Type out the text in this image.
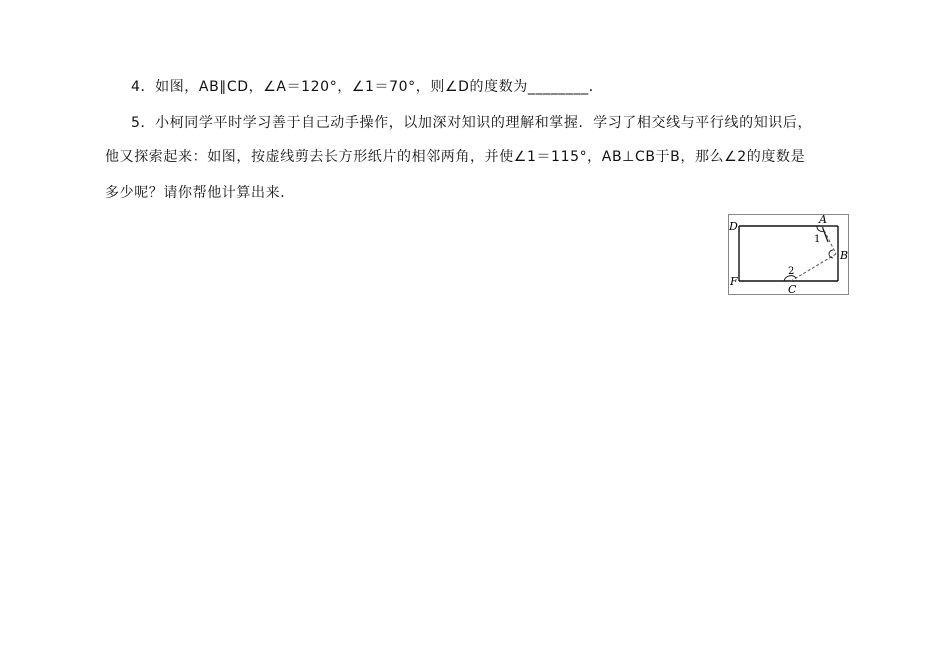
4．如图，AB∥CD，∠A＝120°，∠1＝70°，则∠D的度数为________．
5．小柯同学平时学习善于自己动手操作，以加深对知识的理解和掌握．学习了相交线与平行线的知识后，
他又探索起来：如图，按虚线剪去长方形纸片的相邻两角，并使∠1＝115°，AB⊥CB于B，那么∠2的度数是
多少呢？请你帮他计算出来．
D
A
1
B
2
F
C
